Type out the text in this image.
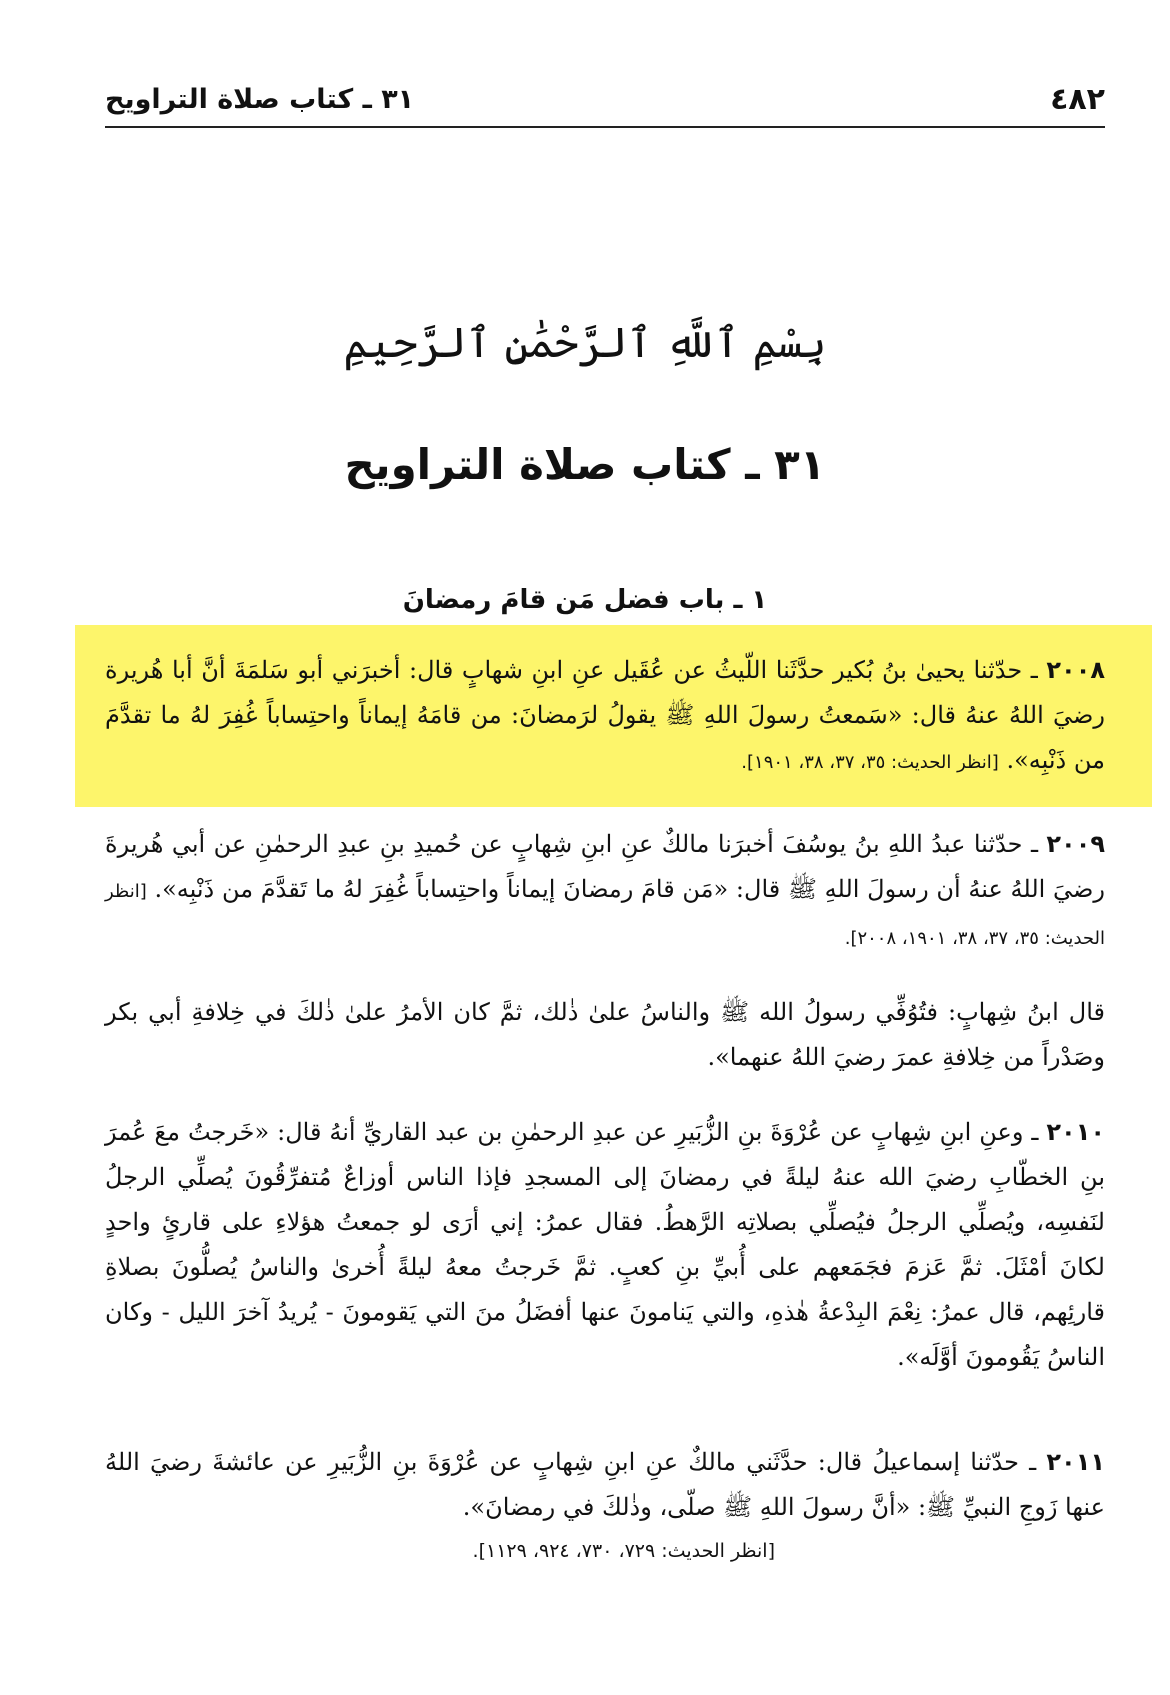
٤٨٢
٣١ ـ كتاب صلاة التراويح
بِسْمِ ٱللَّهِ ٱلرَّحْمَٰنِ ٱلرَّحِيمِ
٣١ ـ كتاب صلاة التراويح
١ ـ باب فضل مَن قامَ رمضانَ
٢٠٠٨ ـ حدّثنا يحيىٰ بنُ بُكير حدَّثَنا اللّيثُ عن عُقَيل عنِ ابنِ شهابٍ قال: أخبرَني أبو سَلمَةَ أنَّ أبا هُريرة رضيَ اللهُ عنهُ قال: «سَمعتُ رسولَ اللهِ ﷺ يقولُ لرَمضانَ: من قامَهُ إيماناً واحتِساباً غُفِرَ لهُ ما تقدَّمَ من ذَنْبِه». [انظر الحديث: ٣٥، ٣٧، ٣٨، ١٩٠١].
٢٠٠٩ ـ حدّثنا عبدُ اللهِ بنُ يوسُفَ أخبرَنا مالكٌ عنِ ابنِ شِهابٍ عن حُميدِ بنِ عبدِ الرحمٰنِ عن أبي هُريرةَ رضيَ اللهُ عنهُ أن رسولَ اللهِ ﷺ قال: «مَن قامَ رمضانَ إيماناً واحتِساباً غُفِرَ لهُ ما تَقدَّمَ من ذَنْبِه». [انظر الحديث: ٣٥، ٣٧، ٣٨، ١٩٠١، ٢٠٠٨].
قال ابنُ شِهابٍ: فتُوُفِّي رسولُ الله ﷺ والناسُ علىٰ ذٰلك، ثمَّ كان الأمرُ علىٰ ذٰلكَ في خِلافةِ أبي بكر وصَدْراً من خِلافةِ عمرَ رضيَ اللهُ عنهما».
٢٠١٠ ـ وعنِ ابنِ شِهابٍ عن عُرْوَةَ بنِ الزُّبَيرِ عن عبدِ الرحمٰنِ بن عبد القاريِّ أنهُ قال: «خَرجتُ معَ عُمرَ بنِ الخطّابِ رضيَ الله عنهُ ليلةً في رمضانَ إلى المسجدِ فإذا الناس أوزاعٌ مُتفرِّقُونَ يُصلِّي الرجلُ لنَفسِه، ويُصلِّي الرجلُ فيُصلِّي بصلاتِه الرَّهطُ. فقال عمرُ: إني أرَى لو جمعتُ هؤلاءِ على قارئٍ واحدٍ لكانَ أمْثَلَ. ثمَّ عَزمَ فجَمَعهم على أُبيِّ بنِ كعبٍ. ثمَّ خَرجتُ معهُ ليلةً أُخرىٰ والناسُ يُصلُّونَ بصلاةِ قارئِهم، قال عمرُ: نِعْمَ البِدْعةُ هٰذهِ، والتي يَنامونَ عنها أفضَلُ منَ التي يَقومونَ - يُريدُ آخرَ الليل - وكان الناسُ يَقُومونَ أوَّلَه».
٢٠١١ ـ حدّثنا إسماعيلُ قال: حدَّثَني مالكٌ عنِ ابنِ شِهابٍ عن عُرْوَةَ بنِ الزُّبَيرِ عن عائشةَ رضيَ اللهُ عنها زَوجِ النبيِّ ﷺ: «أنَّ رسولَ اللهِ ﷺ صلّى، وذٰلكَ في رمضانَ».
[انظر الحديث: ٧٢٩، ٧٣٠، ٩٢٤، ١١٢٩].
